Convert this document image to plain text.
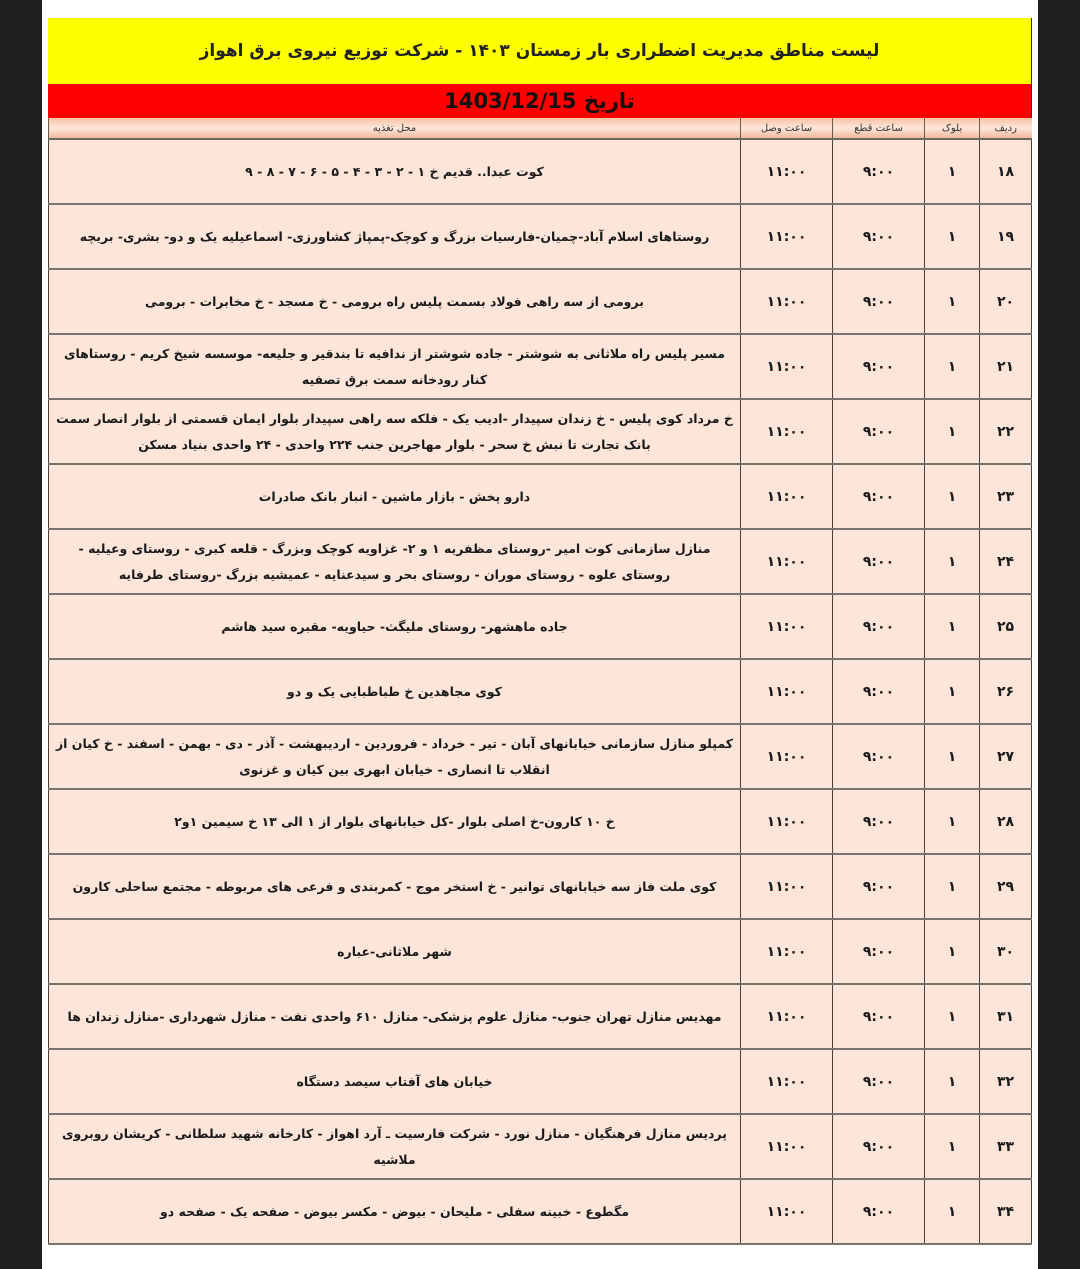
لیست مناطق مدیریت اضطراری بار زمستان ۱۴۰۳ - شرکت توزیع نیروی برق اهواز
تاریخ 1403/12/15
ردیف	بلوک	ساعت قطع	ساعت وصل	محل تغذیه
۱۸	۱	۹:۰۰	۱۱:۰۰	کوت عبدا.. قدیم خ ۱ - ۲ - ۳ - ۴ - ۵ - ۶ - ۷ - ۸ - ۹
۱۹	۱	۹:۰۰	۱۱:۰۰	روستاهای اسلام آباد-چمیان-فارسیات بزرگ و کوچک-پمپاژ کشاورزی- اسماعیلیه یک و دو- بشری- بریچه
۲۰	۱	۹:۰۰	۱۱:۰۰	برومی از سه راهی فولاد بسمت پلیس راه برومی - خ مسجد - خ مخابرات - برومی
۲۱	۱	۹:۰۰	۱۱:۰۰	مسیر پلیس راه ملاثانی به شوشتر - جاده شوشتر از ندافیه تا بندقیر و جلیعه- موسسه شیخ کریم - روستاهای کنار رودخانه سمت برق تصفیه
۲۲	۱	۹:۰۰	۱۱:۰۰	خ مرداد کوی پلیس - خ زندان سپیدار -ادیب یک - فلکه سه راهی سپیدار بلوار ایمان قسمتی از بلوار انصار سمت بانک تجارت تا نبش خ سحر - بلوار مهاجرین جنب ۲۲۴ واحدی - ۲۴ واحدی بنیاد مسکن
۲۳	۱	۹:۰۰	۱۱:۰۰	دارو پخش - بازار ماشین - انبار بانک صادرات
۲۴	۱	۹:۰۰	۱۱:۰۰	منازل سازمانی کوت امیر -روستای مظفریه ۱ و ۲- غزاویه کوچک وبزرگ - قلعه کبری - روستای وعیلیه - روستای علوه - روستای موران - روستای بحر و سیدعنایه - عمیشیه بزرگ -روستای طرفایه
۲۵	۱	۹:۰۰	۱۱:۰۰	جاده ماهشهر- روستای ملیگث- حیاویه- مقبره سید هاشم
۲۶	۱	۹:۰۰	۱۱:۰۰	کوی مجاهدین خ طباطبایی یک و دو
۲۷	۱	۹:۰۰	۱۱:۰۰	کمپلو منازل سازمانی خیابانهای آبان - تیر - خرداد - فروردین - اردیبهشت - آذر - دی - بهمن - اسفند - خ کیان از انقلاب تا انصاری - خیابان ابهری بین کیان و غزنوی
۲۸	۱	۹:۰۰	۱۱:۰۰	خ ۱۰ کارون-خ اصلی بلوار -کل خیابانهای بلوار از ۱ الی ۱۳ خ سیمین ۱و۲
۲۹	۱	۹:۰۰	۱۱:۰۰	کوی ملت فاز سه خیابانهای توانیر - خ استخر موج - کمربندی و فرعی های مربوطه - مجتمع ساحلی کارون
۳۰	۱	۹:۰۰	۱۱:۰۰	شهر ملاثانی-عباره
۳۱	۱	۹:۰۰	۱۱:۰۰	مهدیس منازل تهران جنوب- منازل علوم پزشکی- منازل ۶۱۰ واحدی نفت - منازل شهرداری -منازل زندان ها
۳۲	۱	۹:۰۰	۱۱:۰۰	خیابان های آفتاب سیصد دستگاه
۳۳	۱	۹:۰۰	۱۱:۰۰	پردیس منازل فرهنگیان - منازل نورد - شرکت فارسیت ـ آرد اهواز - کارخانه شهید سلطانی - کریشان روبروی ملاشیه
۳۴	۱	۹:۰۰	۱۱:۰۰	مگطوع - خبینه سفلی - ملیحان - بیوض - مکسر بیوض - صفحه یک - صفحه دو
